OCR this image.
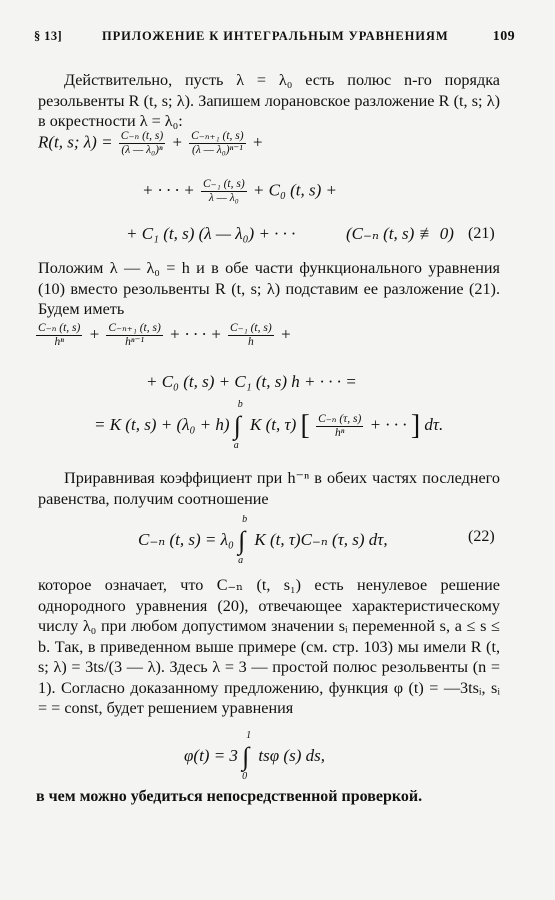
§ 13]	ПРИЛОЖЕНИЕ К ИНТЕГРАЛЬНЫМ УРАВНЕНИЯМ	109
Действительно, пусть λ = λ₀ есть полюс n-го порядка резольвенты R (t, s; λ). Запишем лорановское разложение R (t, s; λ) в окрестности λ = λ₀:
R(t, s; $\lambda) = \frac{\text{C₋ₙ (t, s)}}{\text{(λ — λ₀)ⁿ}} + \frac{\text{C₋ₙ₊₁ (t, s)}}{\text{(λ — λ₀)ⁿ⁻¹}}$ +
+ · · · + $\frac{\text{C₋₁ (t, s)}}{\text{λ — λ₀}} + C_0$ (t, s) +
+ C₁ (t, s) (λ — λ₀) + · · ·	(C₋ₙ (t, s) ≢ 0) (21)
Положим λ — λ₀ = h и в обе части функционального уравнения (10) вместо резольвенты R (t, s; λ) подставим ее разложение (21). Будем иметь
$\frac{\text{C₋ₙ (t, s)}}{\text{hⁿ}} + \frac{\text{C₋ₙ₊₁ (t, s)}}{\text{hⁿ⁻¹}}$ + · · · + $\frac{\text{C₋₁ (t, s)}}{h}$ +
+ C₀ (t, s) + C₁ (t, s) h + · · · =
= K (t, s) + (λ₀ + h) ∫
b
a
K (t, τ) [ $\frac{\text{C₋ₙ (τ, s)}}{\text{hⁿ}}$ + · · · ] dτ.
Приравнивая коэффициент при h⁻ⁿ в обеих частях последнего равенства, получим соотношение
C₋ₙ (t, s) = λ₀ ∫
b
a
K (t, τ)C₋ₙ (τ, s) dτ,	(22)
которое означает, что C₋ₙ (t, s₁) есть ненулевое решение однородного уравнения (20), отвечающее характеристическому числу λ₀ при любом допустимом значении sᵢ переменной s, a ≤ s ≤ b. Так, в приведенном выше примере (см. стр. 103) мы имели R (t, s; λ) = 3ts/(3 — λ). Здесь λ = 3 — простой полюс резольвенты (n = 1). Согласно доказанному предложению, функция φ (t) = —3tsᵢ, sᵢ = = const, будет решением уравнения
φ(t) = 3 ∫
1
0
tsφ (s) ds,
в чем можно убедиться непосредственной проверкой.
